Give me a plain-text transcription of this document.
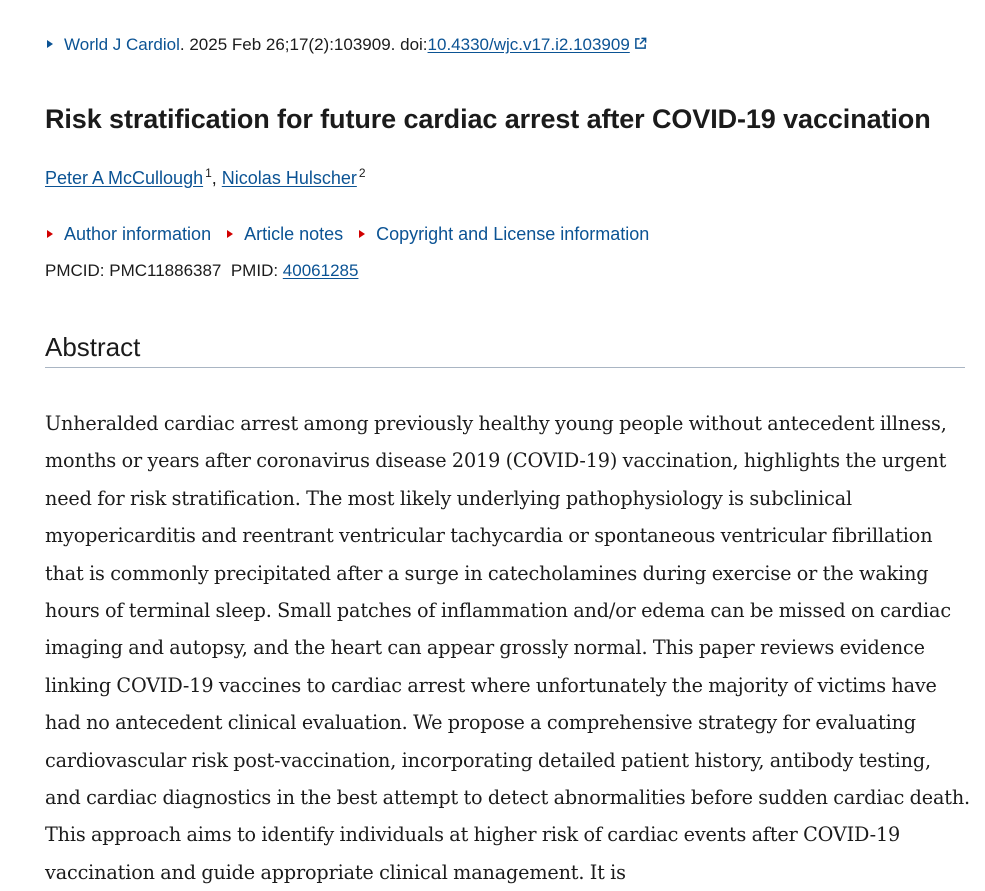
World J Cardiol . 2025 Feb 26;17(2):103909. doi: 10.4330/wjc.v17.i2.103909
Risk stratification for future cardiac arrest after COVID-19 vaccination
Peter A McCullough $^1$, Nicolas Hulscher $^2$
Author information Article notes Copyright and License information
PMCID: PMC11886387 PMID: 40061285
Abstract

Unheralded cardiac arrest among previously healthy young people without antecedent illness, months or years after coronavirus disease 2019 (COVID-19) vaccination, highlights the urgent need for risk stratification. The most likely underlying pathophysiology is subclinical myopericarditis and reentrant ventricular tachycardia or spontaneous ventricular fibrillation that is commonly precipitated after a surge in catecholamines during exercise or the waking hours of terminal sleep. Small patches of inflammation and/or edema can be missed on cardiac imaging and autopsy, and the heart can appear grossly normal. This paper reviews evidence linking COVID-19 vaccines to cardiac arrest where unfortunately the majority of victims have had no antecedent clinical evaluation. We propose a comprehensive strategy for evaluating cardiovascular risk post-vaccination, incorporating detailed patient history, antibody testing, and cardiac diagnostics in the best attempt to detect abnormalities before sudden cardiac death. This approach aims to identify individuals at higher risk of cardiac events after COVID-19 vaccination and guide appropriate clinical management. It is
